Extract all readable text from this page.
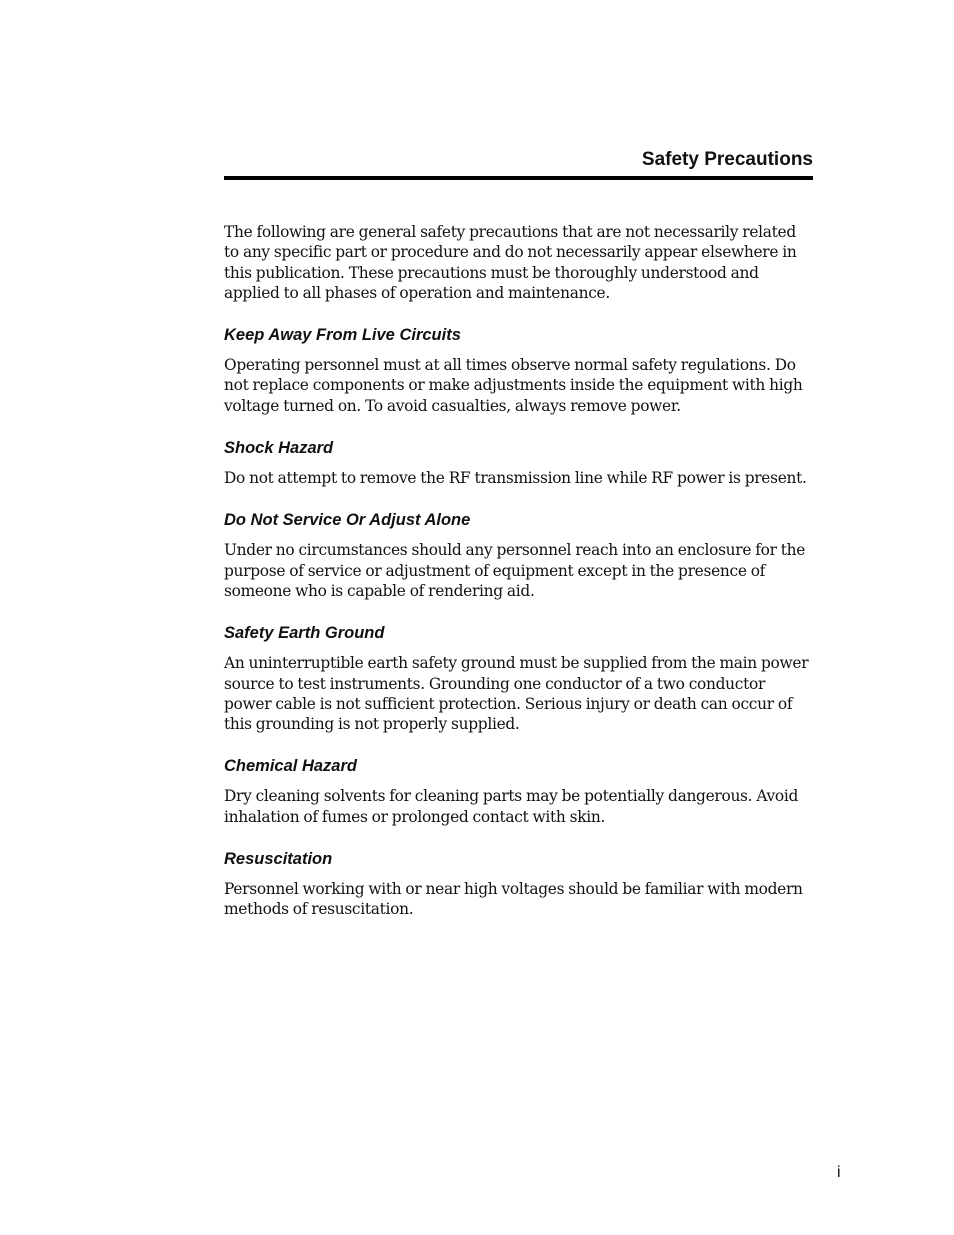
Safety Precautions

The following are general safety precautions that are not necessarily related to any specific part or procedure and do not necessarily appear elsewhere in this publication. These precautions must be thoroughly understood and applied to all phases of operation and maintenance.

Keep Away From Live Circuits

Operating personnel must at all times observe normal safety regulations. Do not replace components or make adjustments inside the equipment with high voltage turned on. To avoid casualties, always remove power.

Shock Hazard

Do not attempt to remove the RF transmission line while RF power is present.

Do Not Service Or Adjust Alone

Under no circumstances should any personnel reach into an enclosure for the purpose of service or adjustment of equipment except in the presence of someone who is capable of rendering aid.

Safety Earth Ground

An uninterruptible earth safety ground must be supplied from the main power source to test instruments. Grounding one conductor of a two conductor power cable is not sufficient protection. Serious injury or death can occur of this grounding is not properly supplied.

Chemical Hazard

Dry cleaning solvents for cleaning parts may be potentially dangerous. Avoid inhalation of fumes or prolonged contact with skin.

Resuscitation

Personnel working with or near high voltages should be familiar with modern methods of resuscitation.

i
